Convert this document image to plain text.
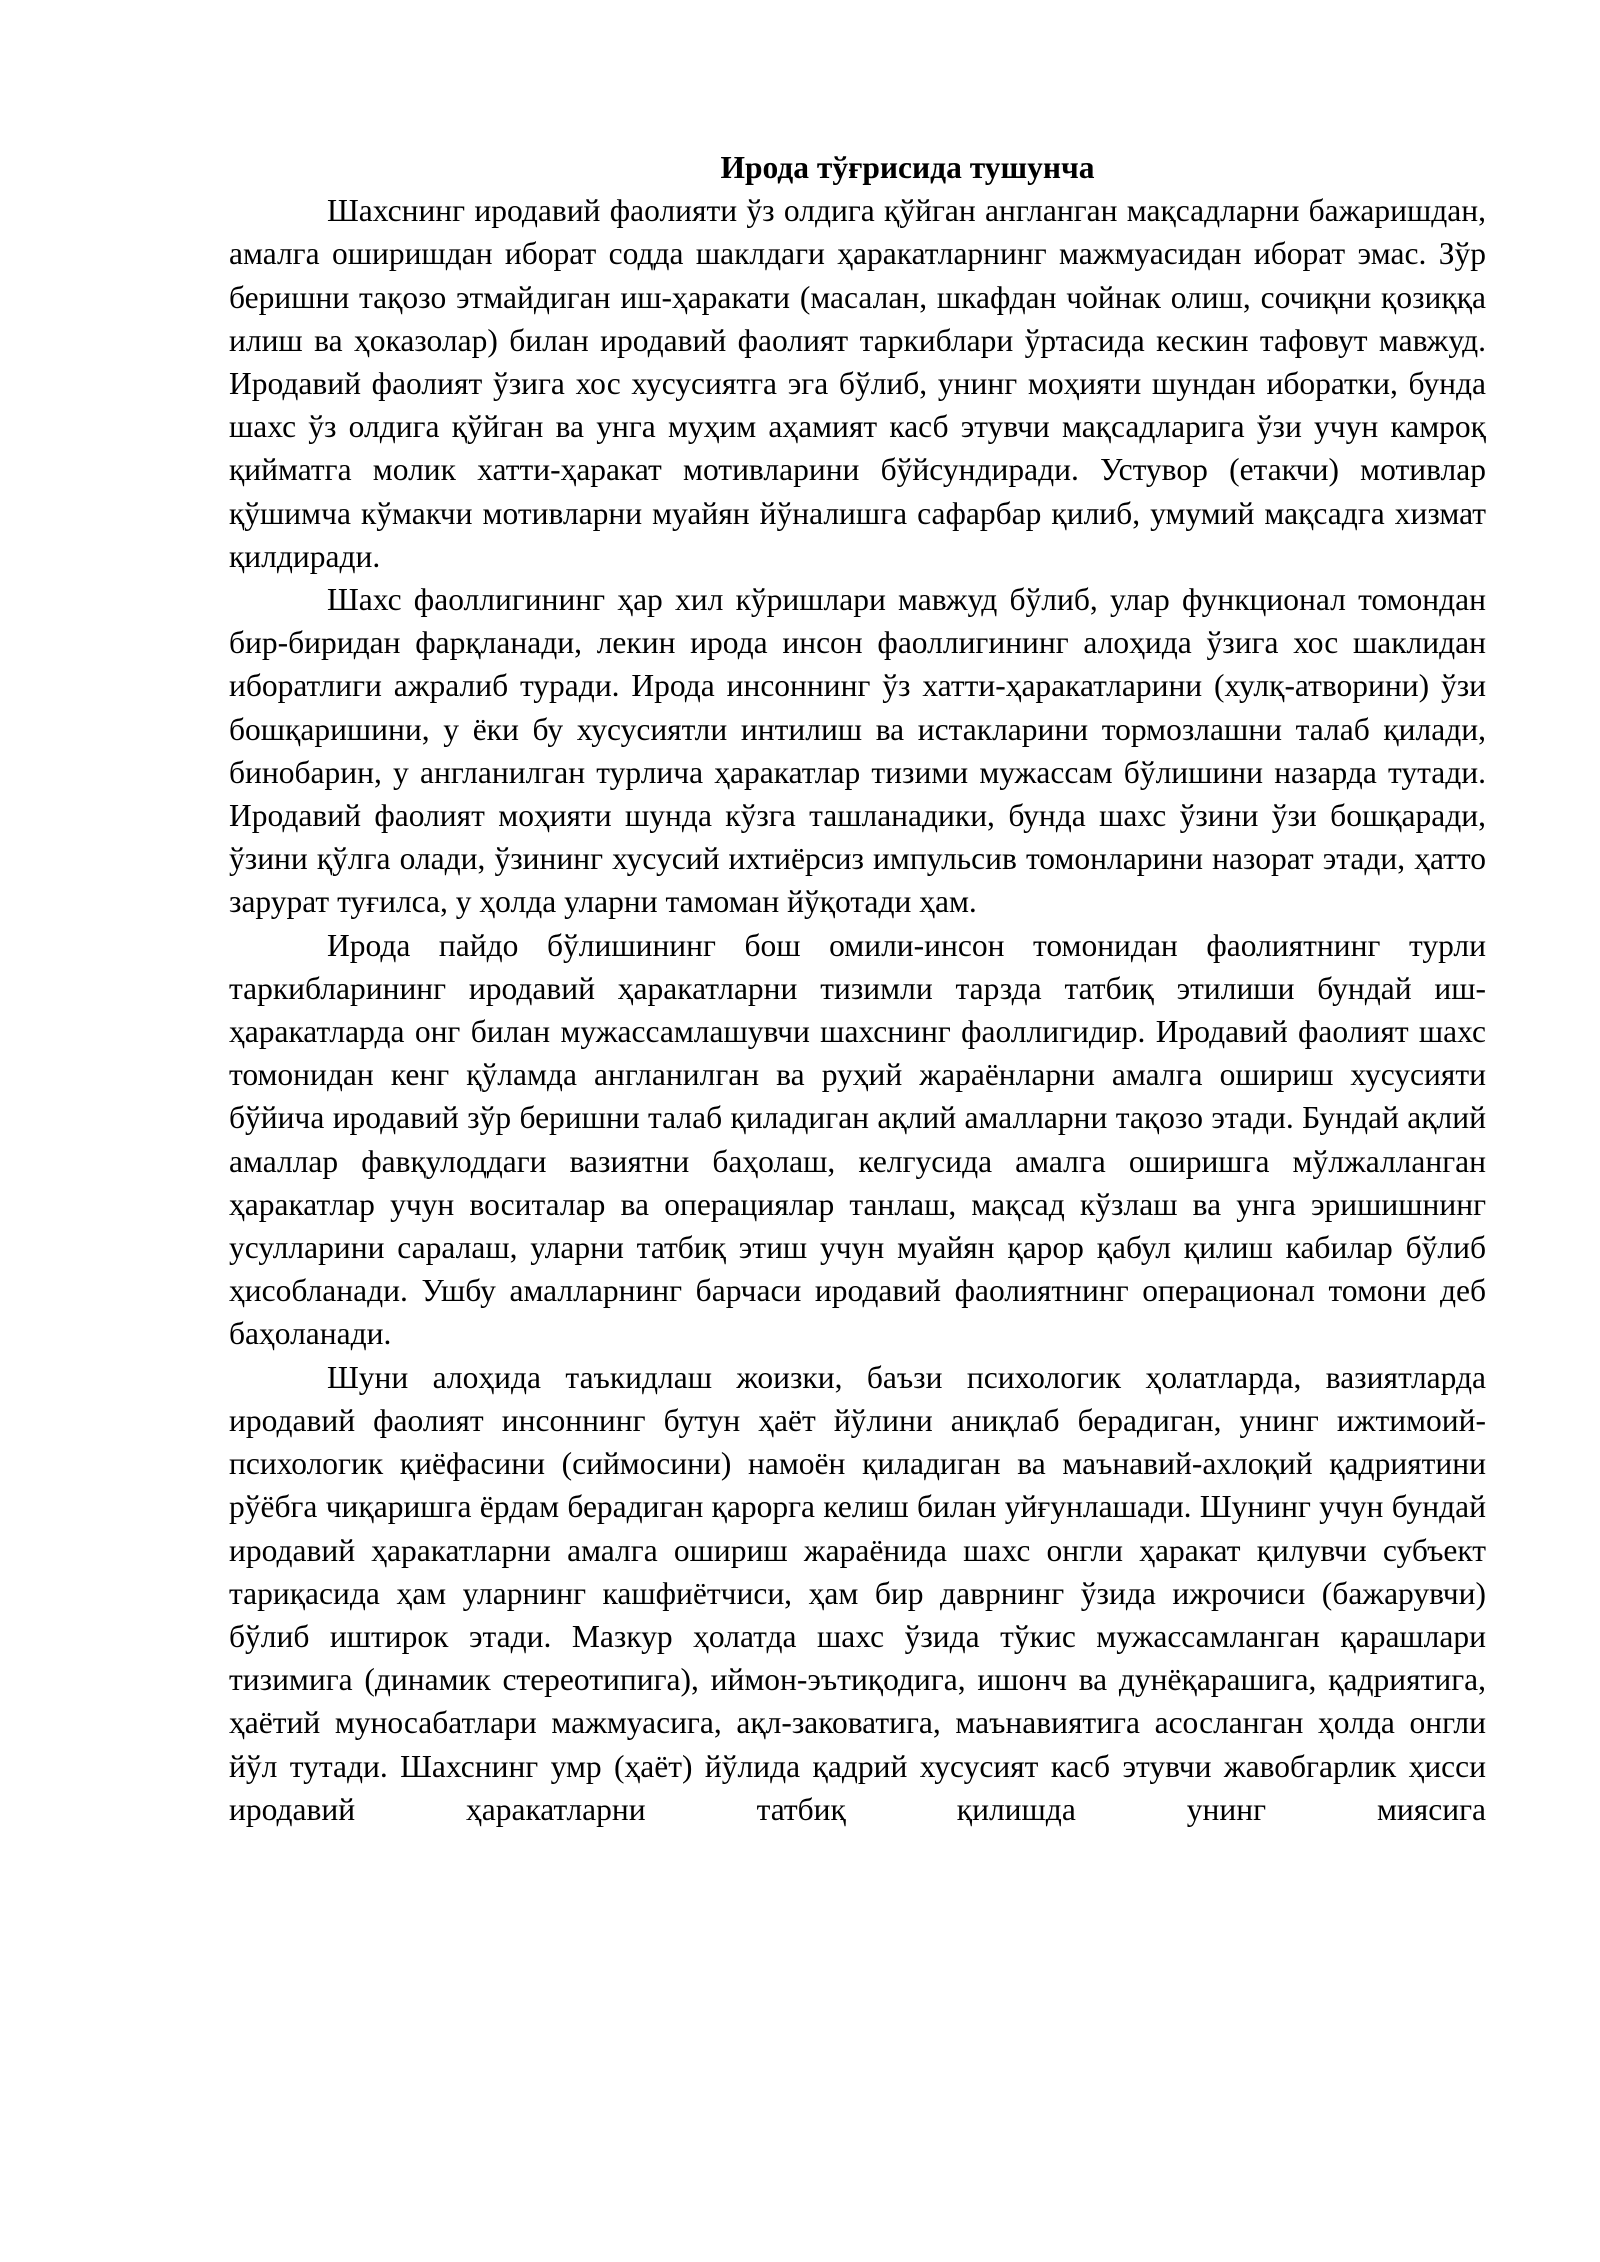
Ирода тўғрисида тушунча

Шахснинг иродавий фаолияти ўз олдига қўйган англанган мақсадларни бажаришдан, амалга оширишдан иборат содда шаклдаги ҳаракатларнинг мажмуасидан иборат эмас. Зўр беришни тақозо этмайдиган иш-ҳаракати (масалан, шкафдан чойнак олиш, сочиқни қозиққа илиш ва ҳоказолар) билан иродавий фаолият таркиблари ўртасида кескин тафовут мавжуд. Иродавий фаолият ўзига хос хусусиятга эга бўлиб, унинг моҳияти шундан иборатки, бунда шахс ўз олдига қўйган ва унга муҳим аҳамият касб этувчи мақсадларига ўзи учун камроқ қийматга молик хатти-ҳаракат мотивларини бўйсундиради. Устувор (етакчи) мотивлар қўшимча кўмакчи мотивларни муайян йўналишга сафарбар қилиб, умумий мақсадга хизмат қилдиради.

Шахс фаоллигининг ҳар хил кўришлари мавжуд бўлиб, улар функционал томондан бир-биридан фарқланади, лекин ирода инсон фаоллигининг алоҳида ўзига хос шаклидан иборатлиги ажралиб туради. Ирода инсоннинг ўз хатти-ҳаракатларини (хулқ-атворини) ўзи бошқаришини, у ёки бу хусусиятли интилиш ва истакларини тормозлашни талаб қилади, бинобарин, у англанилган турлича ҳаракатлар тизими мужассам бўлишини назарда тутади. Иродавий фаолият моҳияти шунда кўзга ташланадики, бунда шахс ўзини ўзи бошқаради, ўзини қўлга олади, ўзининг хусусий ихтиёрсиз импульсив томонларини назорат этади, ҳатто зарурат туғилса, у ҳолда уларни тамоман йўқотади ҳам.

Ирода пайдо бўлишининг бош омили-инсон томонидан фаолиятнинг турли таркибларининг иродавий ҳаракатларни тизимли тарзда татбиқ этилиши бундай иш-ҳаракатларда онг билан мужассамлашувчи шахснинг фаоллигидир. Иродавий фаолият шахс томонидан кенг қўламда англанилган ва руҳий жараёнларни амалга ошириш хусусияти бўйича иродавий зўр беришни талаб қиладиган ақлий амалларни тақозо этади. Бундай ақлий амаллар фавқулоддаги вазиятни баҳолаш, келгусида амалга оширишга мўлжалланган ҳаракатлар учун воситалар ва операциялар танлаш, мақсад кўзлаш ва унга эришишнинг усулларини саралаш, уларни татбиқ этиш учун муайян қарор қабул қилиш кабилар бўлиб ҳисобланади. Ушбу амалларнинг барчаси иродавий фаолиятнинг операционал томони деб баҳоланади.

Шуни алоҳида таъкидлаш жоизки, баъзи психологик ҳолатларда, вазиятларда иродавий фаолият инсоннинг бутун ҳаёт йўлини аниқлаб берадиган, унинг ижтимоий-психологик қиёфасини (сиймосини) намоён қиладиган ва маънавий-ахлоқий қадриятини рўёбга чиқаришга ёрдам берадиган қарорга келиш билан уйғунлашади. Шунинг учун бундай иродавий ҳаракатларни амалга ошириш жараёнида шахс онгли ҳаракат қилувчи субъект тариқасида ҳам уларнинг кашфиётчиси, ҳам бир даврнинг ўзида ижрочиси (бажарувчи) бўлиб иштирок этади. Мазкур ҳолатда шахс ўзида тўкис мужассамланган қарашлари тизимига (динамик стереотипига), иймон-эътиқодига, ишонч ва дунёқарашига, қадриятига, ҳаётий муносабатлари мажмуасига, ақл-заковатига, маънавиятига асосланган ҳолда онгли йўл тутади. Шахснинг умр (ҳаёт) йўлида қадрий хусусият касб этувчи жавобгарлик ҳисси иродавий ҳаракатларни татбиқ қилишда унинг миясига
